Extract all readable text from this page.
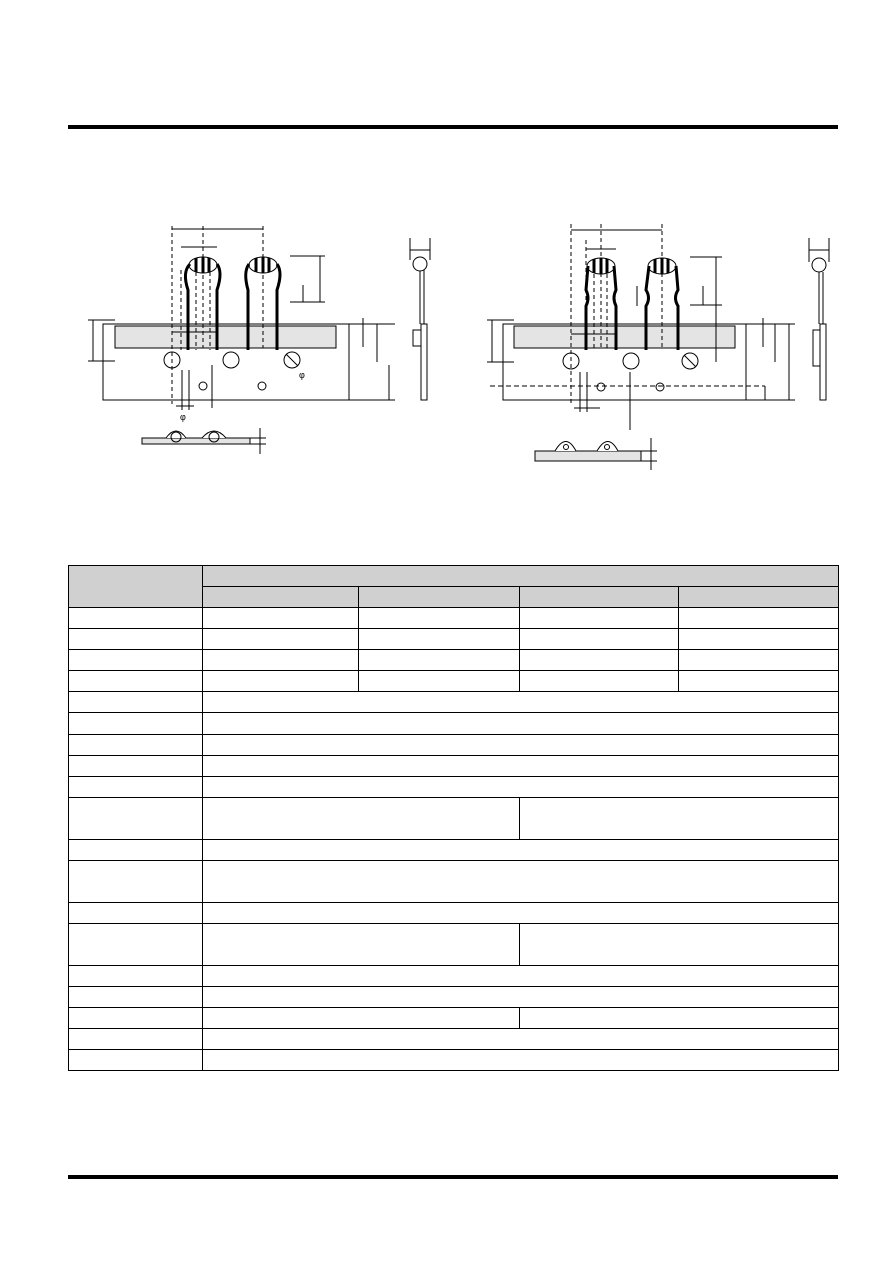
φ
φ
